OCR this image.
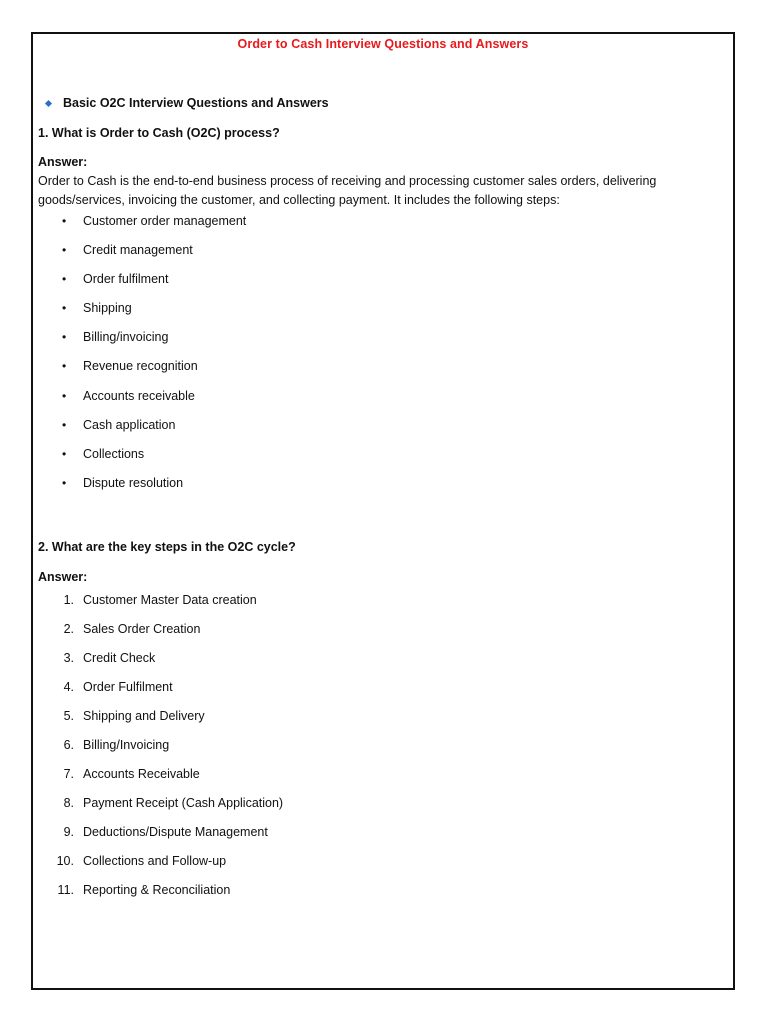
Order to Cash Interview Questions and Answers
Basic O2C Interview Questions and Answers
1. What is Order to Cash (O2C) process?
Answer:
Order to Cash is the end-to-end business process of receiving and processing customer sales orders, delivering
goods/services, invoicing the customer, and collecting payment. It includes the following steps:
• Customer order management
• Credit management
• Order fulfilment
• Shipping
• Billing/invoicing
• Revenue recognition
• Accounts receivable
• Cash application
• Collections
• Dispute resolution
2. What are the key steps in the O2C cycle?
Answer:
1. Customer Master Data creation
2. Sales Order Creation
3. Credit Check
4. Order Fulfilment
5. Shipping and Delivery
6. Billing/Invoicing
7. Accounts Receivable
8. Payment Receipt (Cash Application)
9. Deductions/Dispute Management
10. Collections and Follow-up
11. Reporting & Reconciliation
